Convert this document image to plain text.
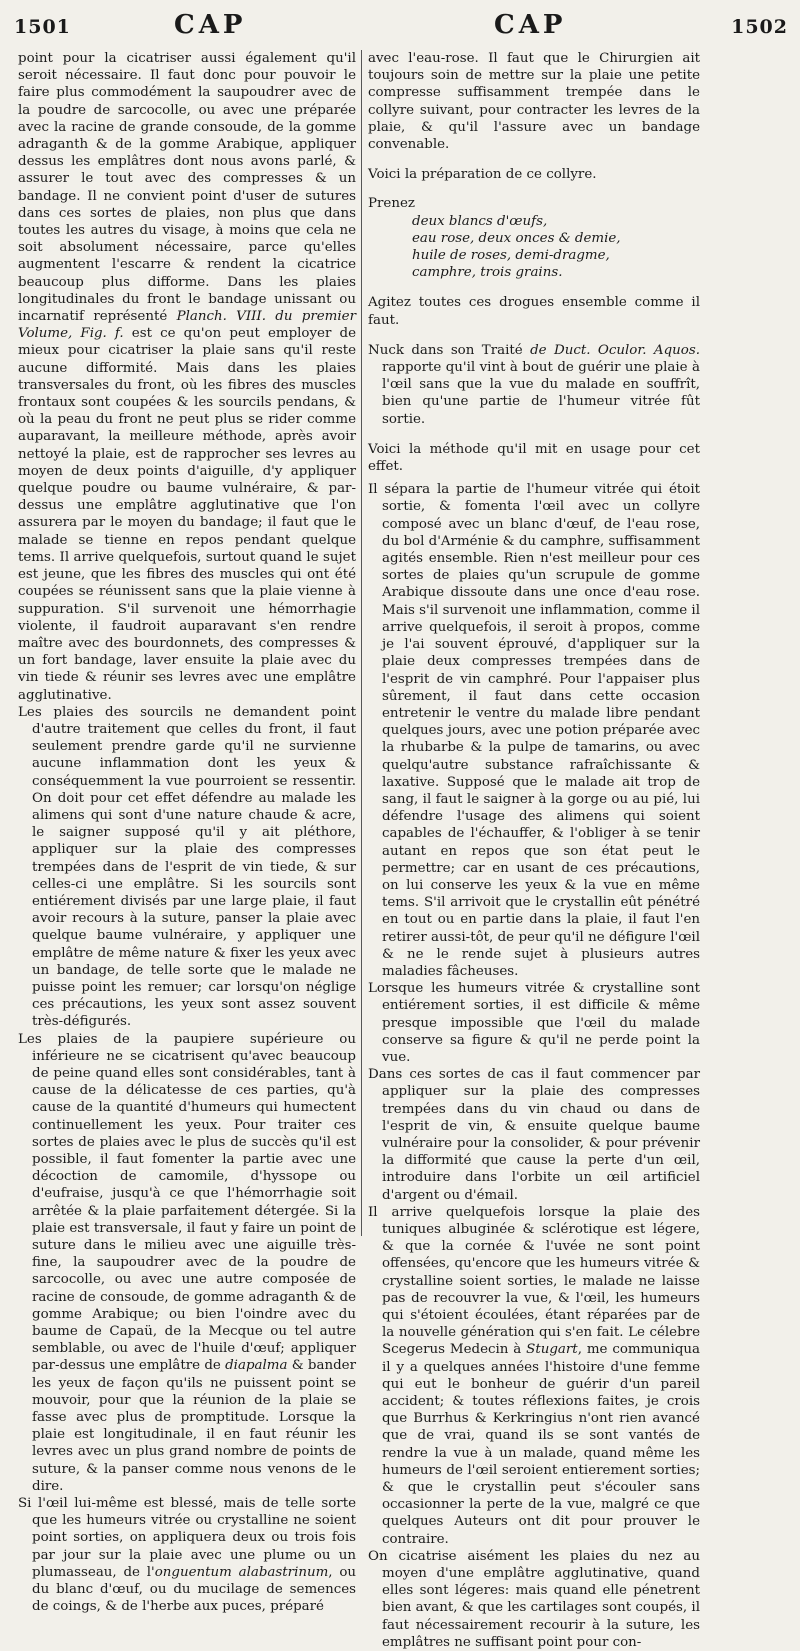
1501	CAP	CAP	1502

point pour la cicatriser aussi également qu'il seroit nécessaire. Il faut donc pour pouvoir le faire plus commodément la saupoudrer avec de la poudre de sarcocolle, ou avec une préparée avec la racine de grande consoude, de la gomme adraganth & de la gomme Arabique, appliquer dessus les emplâtres dont nous avons parlé, & assurer le tout avec des compresses & un bandage. Il ne convient point d'user de sutures dans ces sortes de plaies, non plus que dans toutes les autres du visage, à moins que cela ne soit absolument nécessaire, parce qu'elles augmentent l'escarre & rendent la cicatrice beaucoup plus difforme. Dans les plaies longitudinales du front le bandage unissant ou incarnatif représenté Planch. VIII. du premier Volume, Fig. f. est ce qu'on peut employer de mieux pour cicatriser la plaie sans qu'il reste aucune difformité. Mais dans les plaies transversales du front, où les fibres des muscles frontaux sont coupées & les sourcils pendans, & où la peau du front ne peut plus se rider comme auparavant, la meilleure méthode, après avoir nettoyé la plaie, est de rapprocher ses levres au moyen de deux points d'aiguille, d'y appliquer quelque poudre ou baume vulnéraire, & par-dessus une emplâtre agglutinative que l'on assurera par le moyen du bandage; il faut que le malade se tienne en repos pendant quelque tems. Il arrive quelquefois, surtout quand le sujet est jeune, que les fibres des muscles qui ont été coupées se réunissent sans que la plaie vienne à suppuration. S'il survenoit une hémorrhagie violente, il faudroit auparavant s'en rendre maître avec des bourdonnets, des compresses & un fort bandage, laver ensuite la plaie avec du vin tiede & réunir ses levres avec une emplâtre agglutinative.

Les plaies des sourcils ne demandent point d'autre traitement que celles du front, il faut seulement prendre garde qu'il ne survienne aucune inflammation dont les yeux & conséquemment la vue pourroient se ressentir. On doit pour cet effet défendre au malade les alimens qui sont d'une nature chaude & acre, le saigner supposé qu'il y ait pléthore, appliquer sur la plaie des compresses trempées dans de l'esprit de vin tiede, & sur celles-ci une emplâtre. Si les sourcils sont entiérement divisés par une large plaie, il faut avoir recours à la suture, panser la plaie avec quelque baume vulnéraire, y appliquer une emplâtre de même nature & fixer les yeux avec un bandage, de telle sorte que le malade ne puisse point les remuer; car lorsqu'on néglige ces précautions, les yeux sont assez souvent très-défigurés.

Les plaies de la paupiere supérieure ou inférieure ne se cicatrisent qu'avec beaucoup de peine quand elles sont considérables, tant à cause de la délicatesse de ces parties, qu'à cause de la quantité d'humeurs qui humectent continuellement les yeux. Pour traiter ces sortes de plaies avec le plus de succès qu'il est possible, il faut fomenter la partie avec une décoction de camomile, d'hyssope ou d'eufraise, jusqu'à ce que l'hémorrhagie soit arrêtée & la plaie parfaitement détergée. Si la plaie est transversale, il faut y faire un point de suture dans le milieu avec une aiguille très-fine, la saupoudrer avec de la poudre de sarcocolle, ou avec une autre composée de racine de consoude, de gomme adraganth & de gomme Arabique; ou bien l'oindre avec du baume de Capaü, de la Mecque ou tel autre semblable, ou avec de l'huile d'œuf; appliquer par-dessus une emplâtre de diapalma & bander les yeux de façon qu'ils ne puissent point se mouvoir, pour que la réunion de la plaie se fasse avec plus de promptitude. Lorsque la plaie est longitudinale, il en faut réunir les levres avec un plus grand nombre de points de suture, & la panser comme nous venons de le dire.

Si l'œil lui-même est blessé, mais de telle sorte que les humeurs vitrée ou crystalline ne soient point sorties, on appliquera deux ou trois fois par jour sur la plaie avec une plume ou un plumasseau, de l'onguentum alabastrinum, ou du blanc d'œuf, ou du mucilage de semences de coings, & de l'herbe aux puces, préparé

avec l'eau-rose. Il faut que le Chirurgien ait toujours soin de mettre sur la plaie une petite compresse suffisamment trempée dans le collyre suivant, pour contracter les levres de la plaie, & qu'il l'assure avec un bandage convenable.

Voici la préparation de ce collyre.

Prenez
deux blancs d'œufs,
eau rose, deux onces & demie,
huile de roses, demi-dragme,
camphre, trois grains.

Agitez toutes ces drogues ensemble comme il faut.

Nuck dans son Traité de Duct. Oculor. Aquos. rapporte qu'il vint à bout de guérir une plaie à l'œil sans que la vue du malade en souffrît, bien qu'une partie de l'humeur vitrée fût sortie.

Voici la méthode qu'il mit en usage pour cet effet.

Il sépara la partie de l'humeur vitrée qui étoit sortie, & fomenta l'œil avec un collyre composé avec un blanc d'œuf, de l'eau rose, du bol d'Arménie & du camphre, suffisamment agités ensemble. Rien n'est meilleur pour ces sortes de plaies qu'un scrupule de gomme Arabique dissoute dans une once d'eau rose. Mais s'il survenoit une inflammation, comme il arrive quelquefois, il seroit à propos, comme je l'ai souvent éprouvé, d'appliquer sur la plaie deux compresses trempées dans de l'esprit de vin camphré. Pour l'appaiser plus sûrement, il faut dans cette occasion entretenir le ventre du malade libre pendant quelques jours, avec une potion préparée avec la rhubarbe & la pulpe de tamarins, ou avec quelqu'autre substance rafraîchissante & laxative. Supposé que le malade ait trop de sang, il faut le saigner à la gorge ou au pié, lui défendre l'usage des alimens qui soient capables de l'échauffer, & l'obliger à se tenir autant en repos que son état peut le permettre; car en usant de ces précautions, on lui conserve les yeux & la vue en même tems. S'il arrivoit que le crystallin eût pénétré en tout ou en partie dans la plaie, il faut l'en retirer aussi-tôt, de peur qu'il ne défigure l'œil & ne le rende sujet à plusieurs autres maladies fâcheuses.

Lorsque les humeurs vitrée & crystalline sont entiérement sorties, il est difficile & même presque impossible que l'œil du malade conserve sa figure & qu'il ne perde point la vue.

Dans ces sortes de cas il faut commencer par appliquer sur la plaie des compresses trempées dans du vin chaud ou dans de l'esprit de vin, & ensuite quelque baume vulnéraire pour la consolider, & pour prévenir la difformité que cause la perte d'un œil, introduire dans l'orbite un œil artificiel d'argent ou d'émail.

Il arrive quelquefois lorsque la plaie des tuniques albuginée & sclérotique est légere, & que la cornée & l'uvée ne sont point offensées, qu'encore que les humeurs vitrée & crystalline soient sorties, le malade ne laisse pas de recouvrer la vue, & l'œil, les humeurs qui s'étoient écoulées, étant réparées par de la nouvelle génération qui s'en fait. Le célebre Scegerus Medecin à Stugart, me communiqua il y a quelques années l'histoire d'une femme qui eut le bonheur de guérir d'un pareil accident; & toutes réflexions faites, je crois que Burrhus & Kerkringius n'ont rien avancé que de vrai, quand ils se sont vantés de rendre la vue à un malade, quand même les humeurs de l'œil seroient entierement sorties; & que le crystallin peut s'écouler sans occasionner la perte de la vue, malgré ce que quelques Auteurs ont dit pour prouver le contraire.

On cicatrise aisément les plaies du nez au moyen d'une emplâtre agglutinative, quand elles sont légeres: mais quand elle pénetrent bien avant, & que les cartilages sont coupés, il faut nécessairement recourir à la suture, les emplâtres ne suffisant point pour con-
